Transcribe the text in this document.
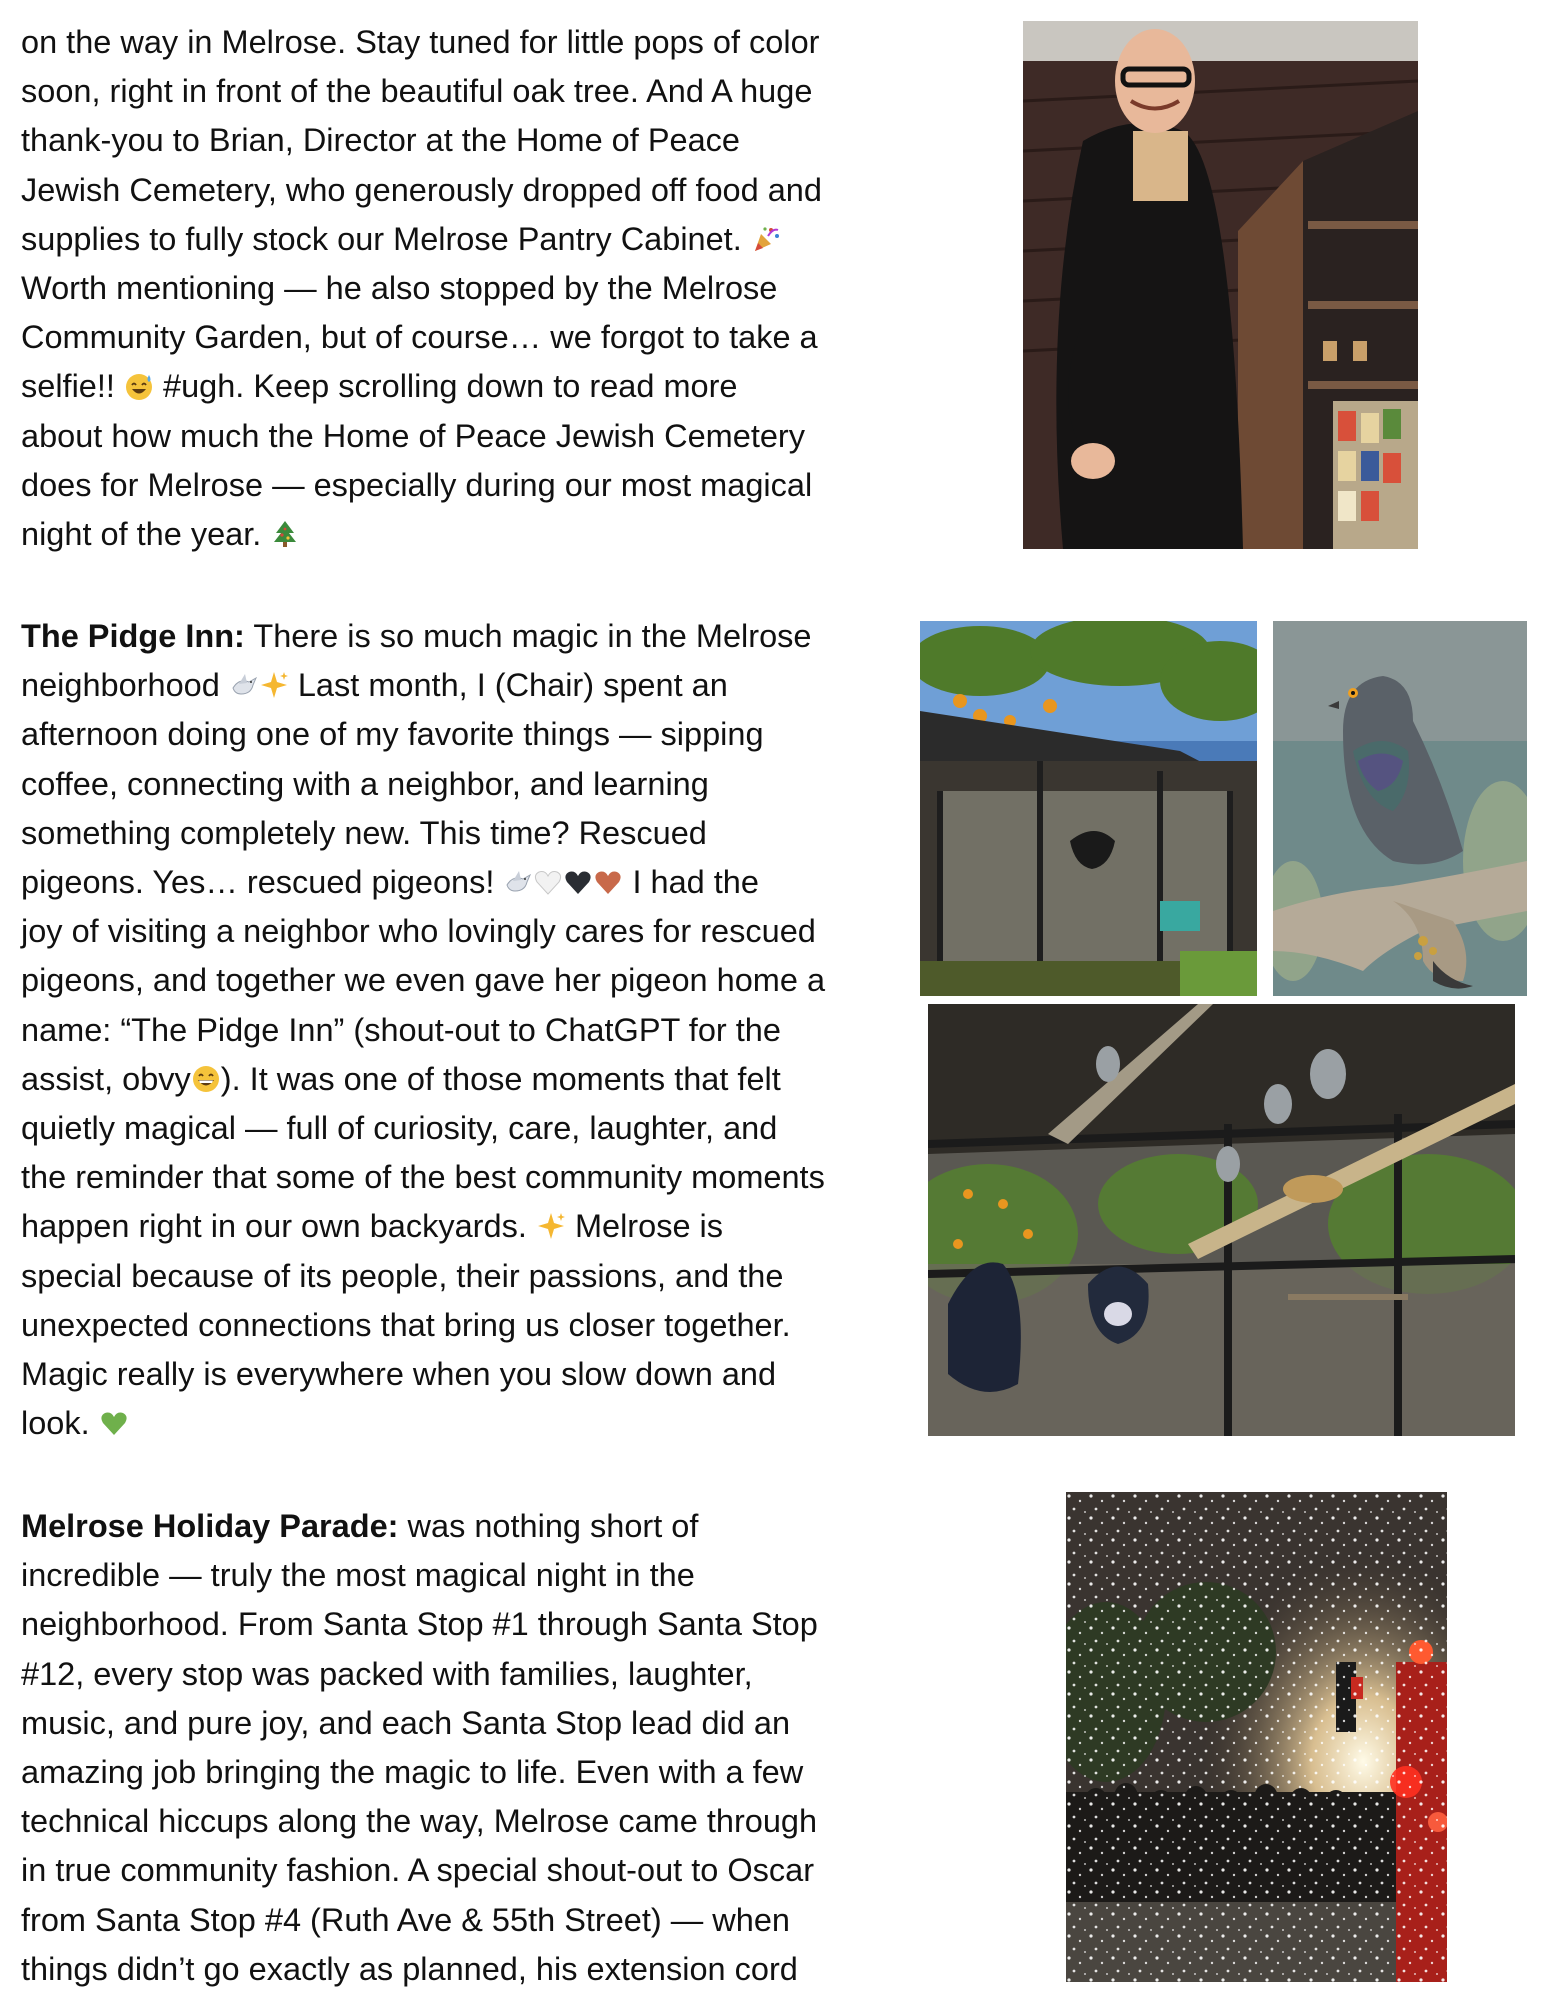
on the way in Melrose. Stay tuned for little pops of color
soon, right in front of the beautiful oak tree. And A huge
thank-you to Brian, Director at the Home of Peace
Jewish Cemetery, who generously dropped off food and
supplies to fully stock our Melrose Pantry Cabinet.
Worth mentioning — he also stopped by the Melrose
Community Garden, but of course… we forgot to take a
selfie!! #ugh. Keep scrolling down to read more
about how much the Home of Peace Jewish Cemetery
does for Melrose — especially during our most magical
night of the year.
The Pidge Inn: There is so much magic in the Melrose
neighborhood Last month, I (Chair) spent an
afternoon doing one of my favorite things — sipping
coffee, connecting with a neighbor, and learning
something completely new. This time? Rescued
pigeons. Yes… rescued pigeons!	I had the
joy of visiting a neighbor who lovingly cares for rescued
pigeons, and together we even gave her pigeon home a
name: “The Pidge Inn” (shout-out to ChatGPT for the
assist, obvy ). It was one of those moments that felt
quietly magical — full of curiosity, care, laughter, and
the reminder that some of the best community moments
happen right in our own backyards. Melrose is
special because of its people, their passions, and the
unexpected connections that bring us closer together.
Magic really is everywhere when you slow down and
look.
Melrose Holiday Parade: was nothing short of
incredible — truly the most magical night in the
neighborhood. From Santa Stop #1 through Santa Stop
#12, every stop was packed with families, laughter,
music, and pure joy, and each Santa Stop lead did an
amazing job bringing the magic to life. Even with a few
technical hiccups along the way, Melrose came through
in true community fashion. A special shout-out to Oscar
from Santa Stop #4 (Ruth Ave & 55th Street) — when
things didn’t go exactly as planned, his extension cord
